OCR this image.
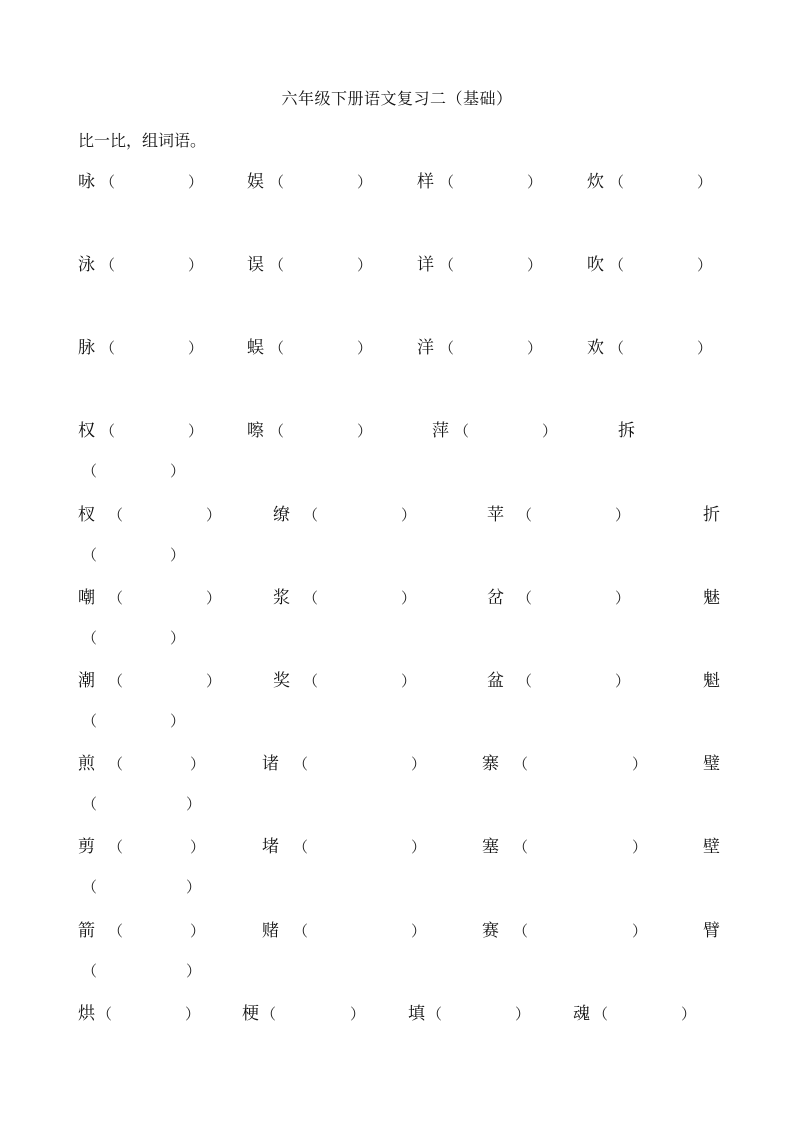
六年级下册语文复习二（基础）
比一比，组词语。
咏 （	）	娱 （	）	样 （	）	炊 （	）
泳 （	）	误 （	）	详 （	）	吹 （	）
脉 （	）	蜈 （	）	洋 （	）	欢 （	）
权 （	）	嚓 （	）	萍 （	）	拆
（	）
杈 （	）	缭 （	）	苹 （	）	折
（	）
嘲 （	）	浆 （	）	岔 （	）	魅
（	）
潮 （	）	奖 （	）	盆 （	）	魁
（	）
煎 （	）	诸 （	）	寨 （	）	璧
（	）
剪 （	）	堵 （	）	塞 （	）	壁
（	）
箭 （	）	赌 （	）	赛 （	）	臂
（	）
烘 （	） 梗 （	）	填 （	）	魂 （	）
